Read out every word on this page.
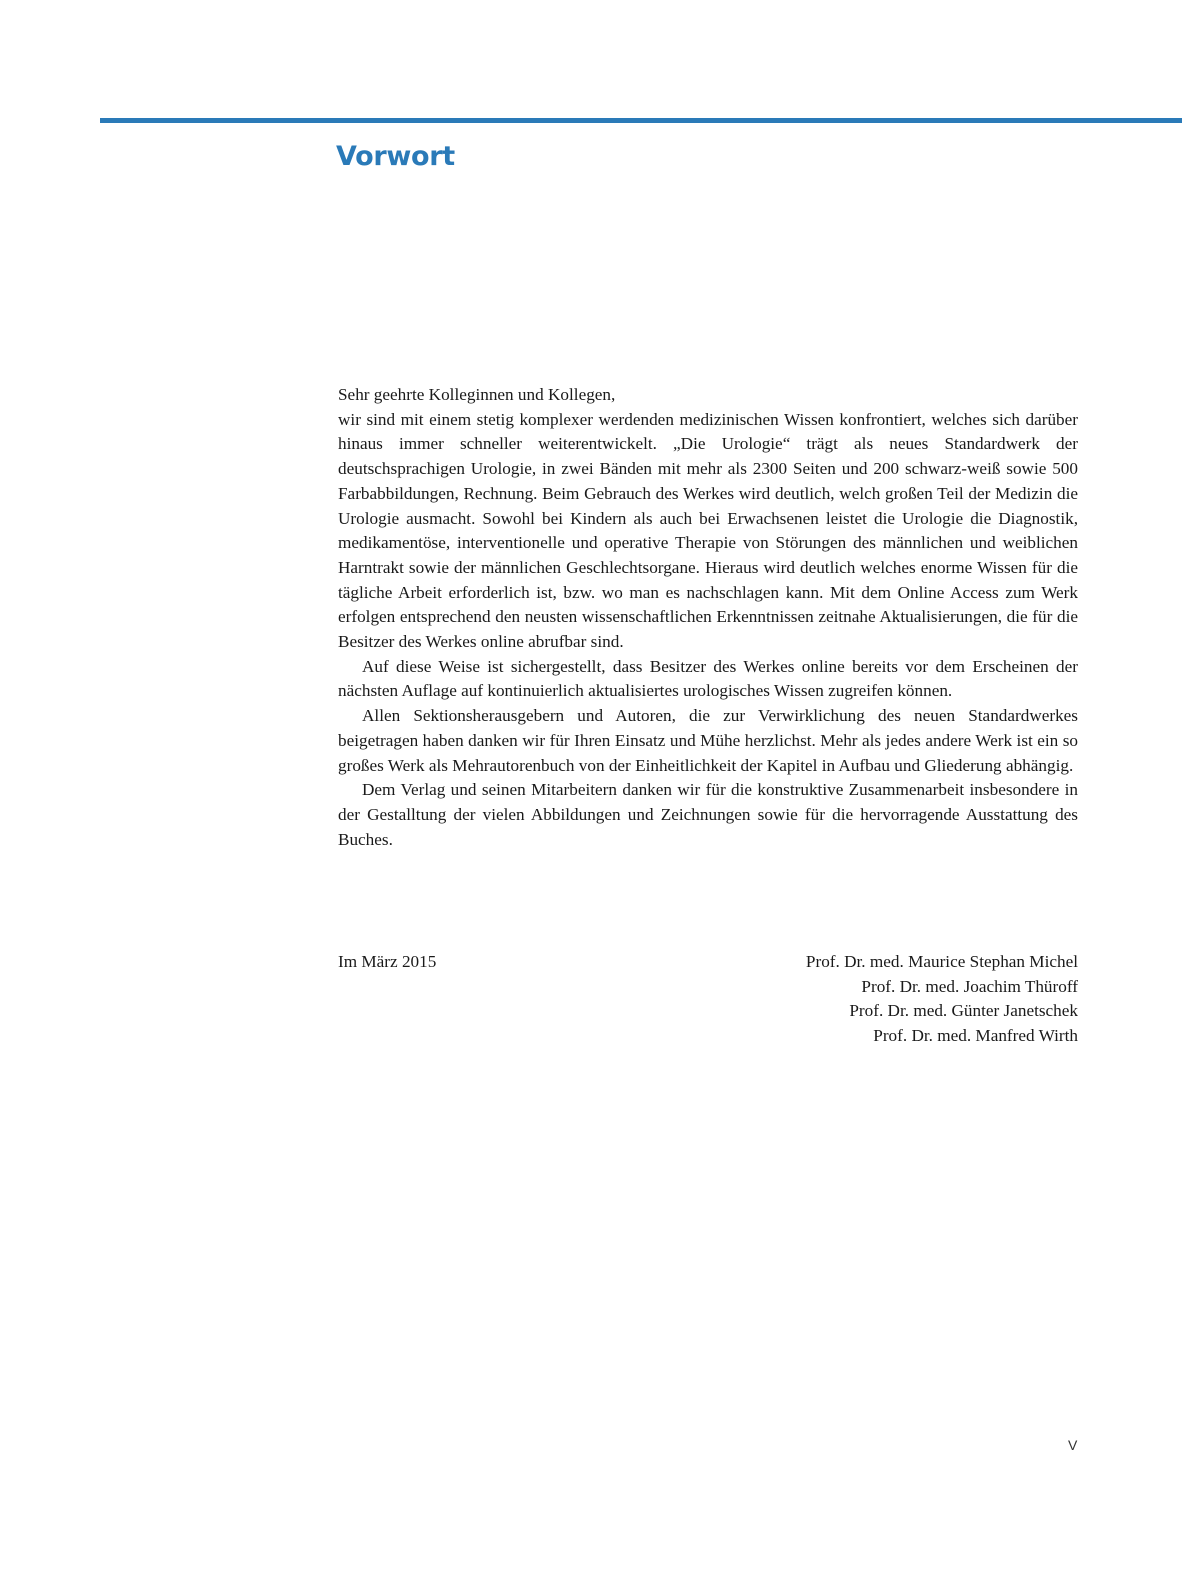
Vorwort

Sehr geehrte Kolleginnen und Kollegen,

wir sind mit einem stetig komplexer werdenden medizinischen Wissen konfrontiert, welches sich darüber hinaus immer schneller weiterentwickelt. „Die Urologie“ trägt als neues Standardwerk der deutschsprachigen Urologie, in zwei Bänden mit mehr als 2300 Seiten und 200 schwarz-weiß sowie 500 Farbabbildungen, Rechnung. Beim Gebrauch des Werkes wird deutlich, welch großen Teil der Medizin die Urologie ausmacht. Sowohl bei Kindern als auch bei Erwachsenen leistet die Urologie die Diagnostik, medikamentöse, interventionelle und operative Therapie von Störungen des männlichen und weiblichen Harntrakt sowie der männlichen Geschlechtsorgane. Hieraus wird deutlich welches enorme Wissen für die tägliche Arbeit erforderlich ist, bzw. wo man es nachschlagen kann. Mit dem Online Access zum Werk erfolgen entsprechend den neusten wissenschaftlichen Erkenntnissen zeitnahe Aktualisierungen, die für die Besitzer des Werkes online abrufbar sind.

Auf diese Weise ist sichergestellt, dass Besitzer des Werkes online bereits vor dem Erscheinen der nächsten Auflage auf kontinuierlich aktualisiertes urologisches Wissen zugreifen können.

Allen Sektionsherausgebern und Autoren, die zur Verwirklichung des neuen Standardwerkes beigetragen haben danken wir für Ihren Einsatz und Mühe herzlichst. Mehr als jedes andere Werk ist ein so großes Werk als Mehrautorenbuch von der Einheitlichkeit der Kapitel in Aufbau und Gliederung abhängig.

Dem Verlag und seinen Mitarbeitern danken wir für die konstruktive Zusammenarbeit insbesondere in der Gestalltung der vielen Abbildungen und Zeichnungen sowie für die hervorragende Ausstattung des Buches.

Im März 2015	Prof. Dr. med. Maurice Stephan Michel
Prof. Dr. med. Joachim Thüroff
Prof. Dr. med. Günter Janetschek
Prof. Dr. med. Manfred Wirth
V
